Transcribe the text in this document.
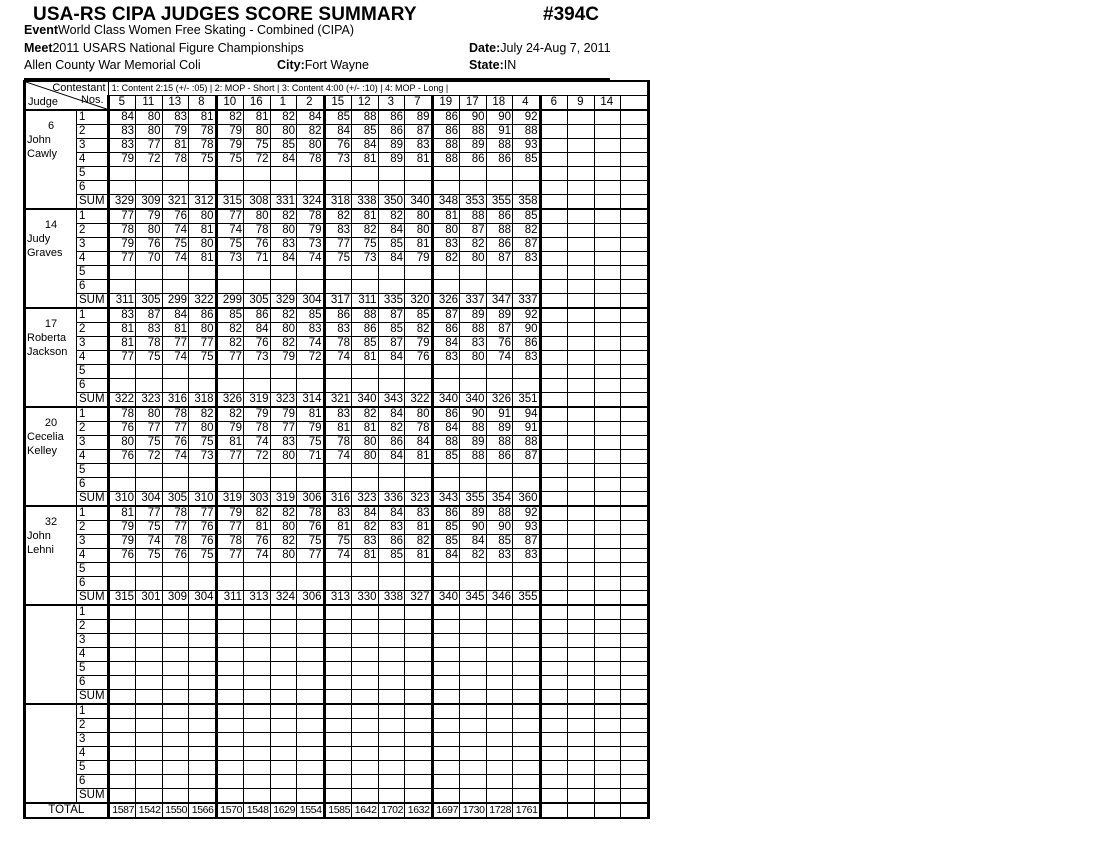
USA-RS CIPA JUDGES SCORE SUMMARY	#394C
EventWorld Class Women Free Skating - Combined (CIPA)
Meet2011 USARS National Figure Championships	Date:July 24-Aug 7, 2011
Allen County War Memorial Coli	City:Fort Wayne	State:IN
Contestant
Nos.
Judge		1: Content 2:15 (+/- :05) | 2: MOP - Short | 3: Content 4:00 (+/- :10) | 4: MOP - Long |																			
		5	11	13	8	10	16	1	2	15	12	3	7	19	17	18	4	6	9	14	

6
John
Cawly	1	84	80	83	81	82	81	82	84	85	88	86	89	86	90	90	92				
	2	83	80	79	78	79	80	80	82	84	85	86	87	86	88	91	88				
	3	83	77	81	78	79	75	85	80	76	84	89	83	88	89	88	93				
	4	79	72	78	75	75	72	84	78	73	81	89	81	88	86	86	85				
	5																				
	6																				
	SUM	329	309	321	312	315	308	331	324	318	338	350	340	348	353	355	358				

14
Judy
Graves	1	77	79	76	80	77	80	82	78	82	81	82	80	81	88	86	85				
	2	78	80	74	81	74	78	80	79	83	82	84	80	80	87	88	82				
	3	79	76	75	80	75	76	83	73	77	75	85	81	83	82	86	87				
	4	77	70	74	81	73	71	84	74	75	73	84	79	82	80	87	83				
	5																				
	6																				
	SUM	311	305	299	322	299	305	329	304	317	311	335	320	326	337	347	337				

17
Roberta
Jackson	1	83	87	84	86	85	86	82	85	86	88	87	85	87	89	89	92				
	2	81	83	81	80	82	84	80	83	83	86	85	82	86	88	87	90				
	3	81	78	77	77	82	76	82	74	78	85	87	79	84	83	76	86				
	4	77	75	74	75	77	73	79	72	74	81	84	76	83	80	74	83				
	5																				
	6																				
	SUM	322	323	316	318	326	319	323	314	321	340	343	322	340	340	326	351				

20
Cecelia
Kelley	1	78	80	78	82	82	79	79	81	83	82	84	80	86	90	91	94				
	2	76	77	77	80	79	78	77	79	81	81	82	78	84	88	89	91				
	3	80	75	76	75	81	74	83	75	78	80	86	84	88	89	88	88				
	4	76	72	74	73	77	72	80	71	74	80	84	81	85	88	86	87				
	5																				
	6																				
	SUM	310	304	305	310	319	303	319	306	316	323	336	323	343	355	354	360				

32
John
Lehni	1	81	77	78	77	79	82	82	78	83	84	84	83	86	89	88	92				
	2	79	75	77	76	77	81	80	76	81	82	83	81	85	90	90	93				
	3	79	74	78	76	78	76	82	75	75	83	86	82	85	84	85	87				
	4	76	75	76	75	77	74	80	77	74	81	85	81	84	82	83	83				
	5																				
	6																				
	SUM	315	301	309	304	311	313	324	306	313	330	338	327	340	345	346	355				

	1																				
	2																				
	3																				
	4																				
	5																				
	6																				
	SUM																				

	1																				
	2																				
	3																				
	4																				
	5																				
	6																				
	SUM																				
TOTAL		1587	1542	1550	1566	1570	1548	1629	1554	1585	1642	1702	1632	1697	1730	1728	1761				
